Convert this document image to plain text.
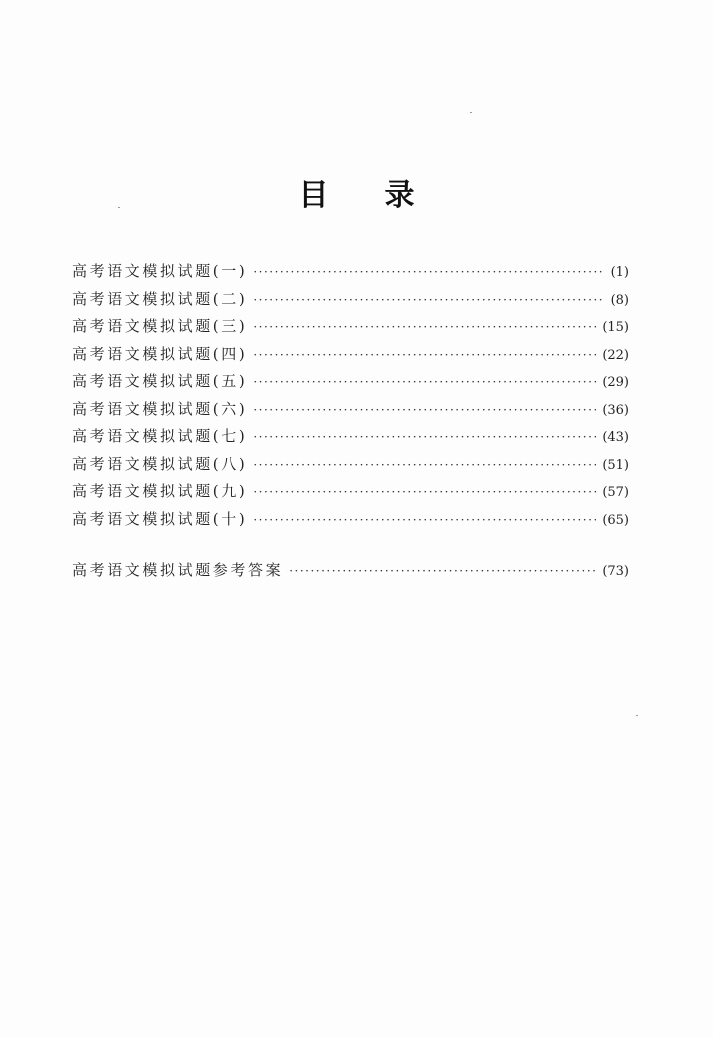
目 录
高考语文模拟试题(一) ·····	(1)
高考语文模拟试题(二) ·····	(8)
高考语文模拟试题(三) ·····	(15)
高考语文模拟试题(四) ·····	(22)
高考语文模拟试题(五) ·····	(29)
高考语文模拟试题(六) ·····	(36)
高考语文模拟试题(七) ·····	(43)
高考语文模拟试题(八) ·····	(51)
高考语文模拟试题(九) ·····	(57)
高考语文模拟试题(十) ·····	(65)
高考语文模拟试题参考答案 ·····	(73)
